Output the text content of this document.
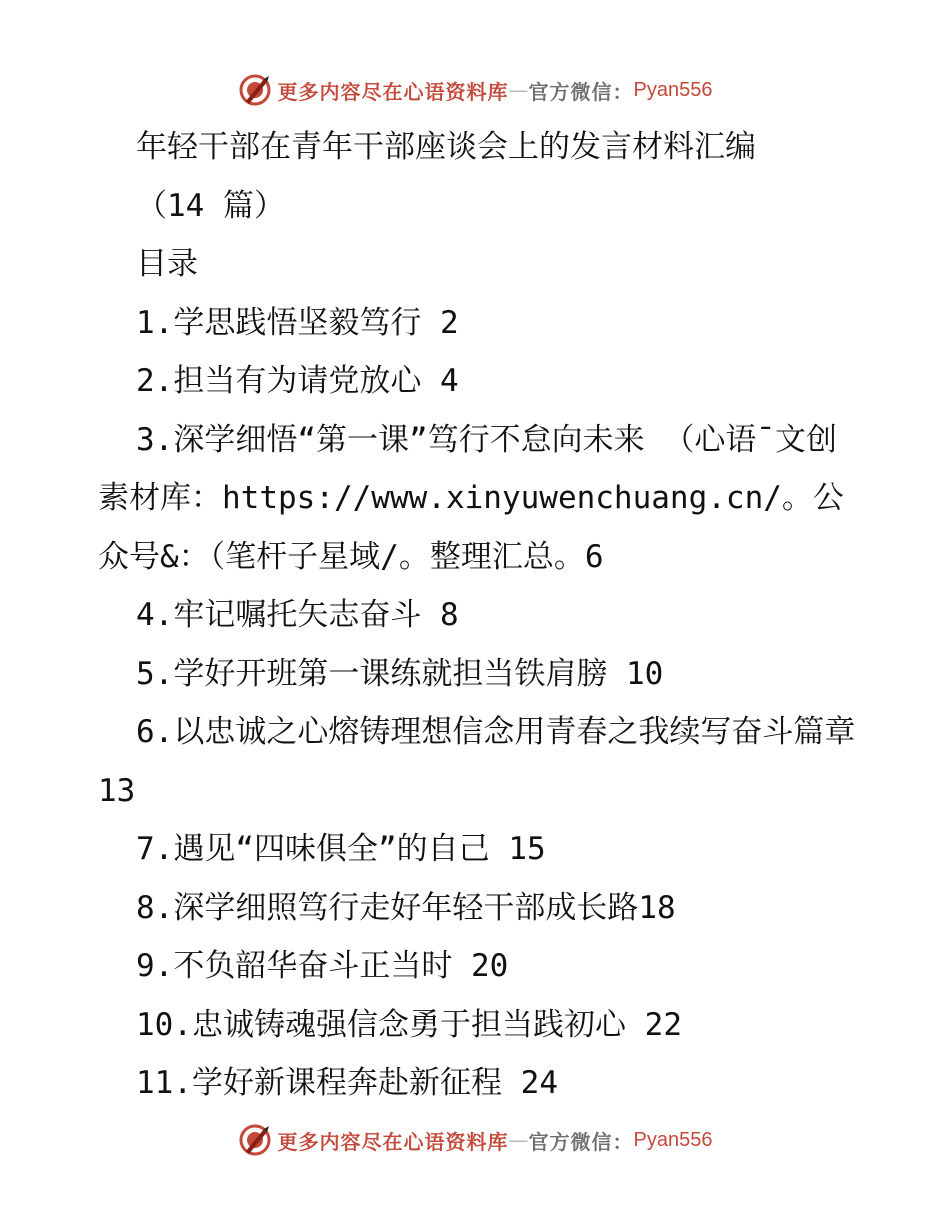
更多内容尽在心语资料库 — 官方微信： Pyan556

年轻干部在青年干部座谈会上的发言材料汇编

（14 篇）

目录

1.学思践悟坚毅笃行 2

2.担当有为请党放心 4

3.深学细悟“第一课”笃行不怠向未来 （心语¯文创素材库：https://www.xinyuwenchuang.cn/。公众号&：（笔杆子星域/。整理汇总。6

4.牢记嘱托矢志奋斗 8

5.学好开班第一课练就担当铁肩膀 10

6.以忠诚之心熔铸理想信念用青春之我续写奋斗篇章 13

7.遇见“四味俱全”的自己 15

8.深学细照笃行走好年轻干部成长路18

9.不负韶华奋斗正当时 20

10.忠诚铸魂强信念勇于担当践初心 22

11.学好新课程奔赴新征程 24

更多内容尽在心语资料库 — 官方微信： Pyan556
